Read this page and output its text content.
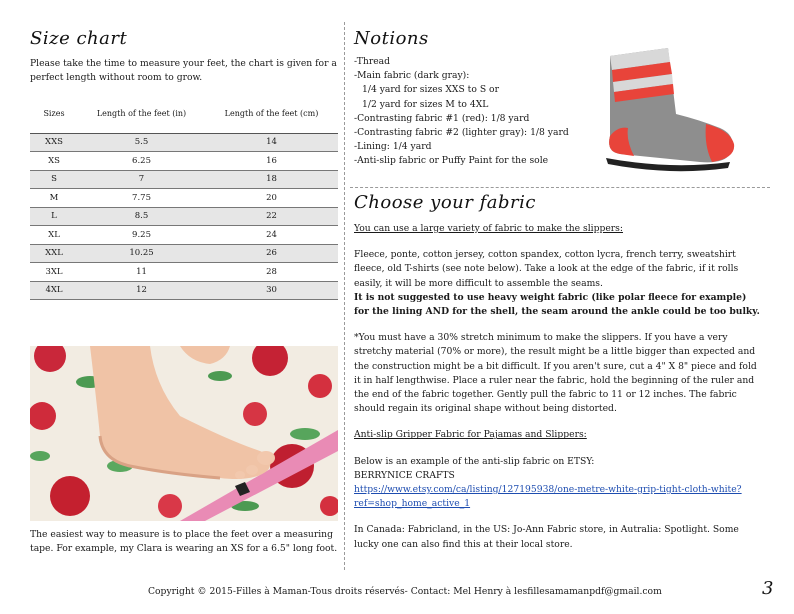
Size chart
Please take the time to measure your feet, the chart is given for a perfect length without room to grow.
Sizes	Length of the feet (in)	Length of the feet (cm)
XXS	5.5	14
XS	6.25	16
S	7	18
M	7.75	20
L	8.5	22
XL	9.25	24
XXL	10.25	26
3XL	11	28
4XL	12	30
The easiest way to measure is to place the feet over a measuring tape. For example, my Clara is wearing an XS for a 6.5" long foot.
Notions
-Thread
-Main fabric (dark gray):
1/4 yard for sizes XXS to S or
1/2 yard for sizes M to 4XL
-Contrasting fabric #1 (red): 1/8 yard
-Contrasting fabric #2 (lighter gray): 1/8 yard
-Lining: 1/4 yard
-Anti-slip fabric or Puffy Paint for the sole
Choose your fabric

You can use a large variety of fabric to make the slippers:

Fleece, ponte, cotton jersey, cotton spandex, cotton lycra, french terry, sweatshirt fleece, old T-shirts (see note below). Take a look at the edge of the fabric, if it rolls easily, it will be more difficult to assemble the seams.
It is not suggested to use heavy weight fabric (like polar fleece for example) for the lining AND for the shell, the seam around the ankle could be too bulky.

*You must have a 30% stretch minimum to make the slippers. If you have a very stretchy material (70% or more), the result might be a little bigger than expected and the construction might be a bit difficult. If you aren't sure, cut a 4" X 8" piece and fold it in half lengthwise. Place a ruler near the fabric, hold the beginning of the ruler and the end of the fabric together. Gently pull the fabric to 11 or 12 inches. The fabric should regain its original shape without being distorted.

Anti-slip Gripper Fabric for Pajamas and Slippers:

Below is an example of the anti-slip fabric on ETSY:
BERRYNICE CRAFTS
https://www.etsy.com/ca/listing/127195938/one-metre-white-grip-tight-cloth-white?ref=shop_home_active_1

In Canada: Fabricland, in the US: Jo-Ann Fabric store, in Autralia: Spotlight. Some lucky one can also find this at their local store.

Copyright © 2015-Filles à Maman-Tous droits réservés- Contact: Mel Henry à lesfillesamamanpdf@gmail.com	3
